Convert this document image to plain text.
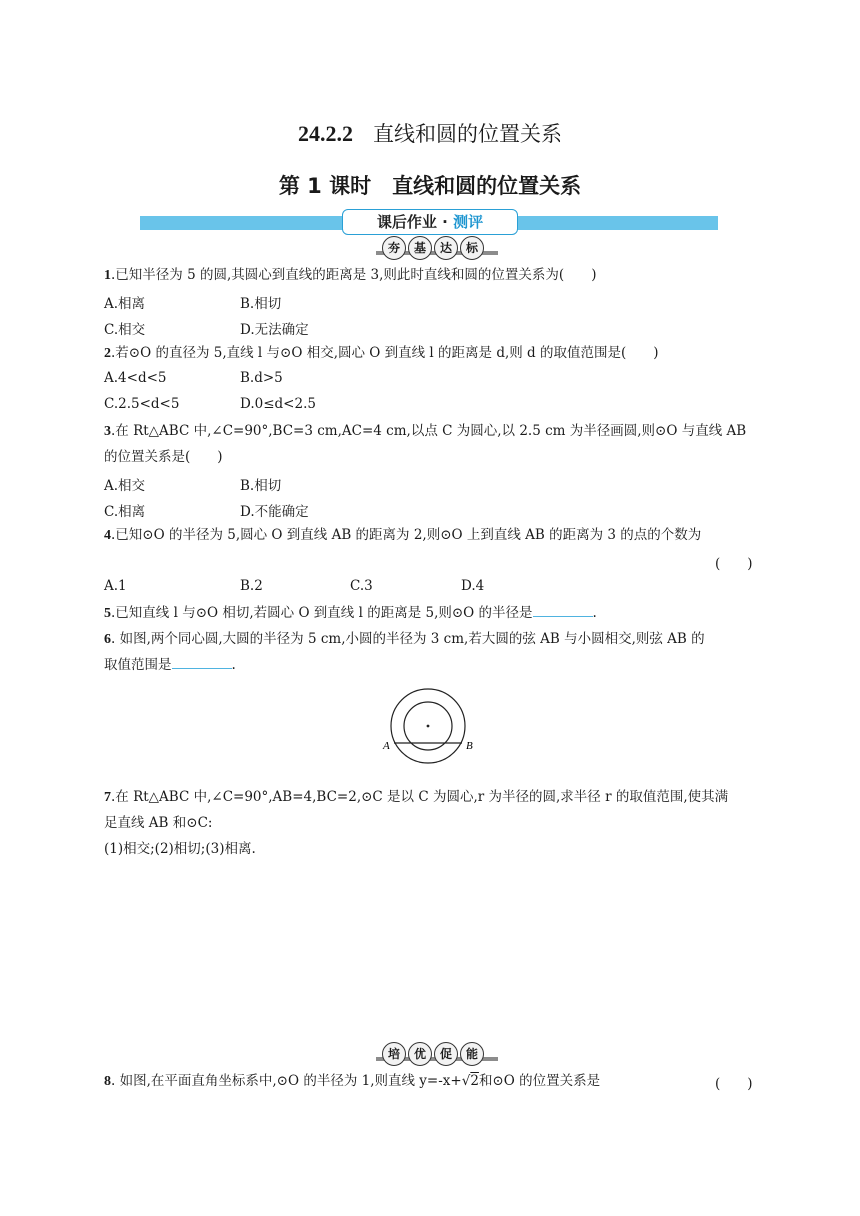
24.2.2 直线和圆的位置关系
第 1 课时　直线和圆的位置关系
课后作业 · 测评
夯	基	达	标
1.已知半径为 5 的圆,其圆心到直线的距离是 3,则此时直线和圆的位置关系为(　　)
A.相离	B.相切
C.相交	D.无法确定
2.若⊙O 的直径为 5,直线 l 与⊙O 相交,圆心 O 到直线 l 的距离是 d,则 d 的取值范围是(　　)
A.4<d<5	B.d>5
C.2.5<d<5	D.0≤d<2.5
3.在 Rt△ABC 中,∠C=90°,BC=3 cm,AC=4 cm,以点 C 为圆心,以 2.5 cm 为半径画圆,则⊙O 与直线 AB
的位置关系是(　　)
A.相交	B.相切
C.相离	D.不能确定
4.已知⊙O 的半径为 5,圆心 O 到直线 AB 的距离为 2,则⊙O 上到直线 AB 的距离为 3 的点的个数为
(　　)
A.1	B.2	C.3	D.4
5.已知直线 l 与⊙O 相切,若圆心 O 到直线 l 的距离是 5,则⊙O 的半径是	.
6. 如图,两个同心圆,大圆的半径为 5 cm,小圆的半径为 3 cm,若大圆的弦 AB 与小圆相交,则弦 AB 的
取值范围是	.
A	B
7.在 Rt△ABC 中,∠C=90°,AB=4,BC=2,⊙C 是以 C 为圆心,r 为半径的圆,求半径 r 的取值范围,使其满
足直线 AB 和⊙C:
(1)相交;(2)相切;(3)相离.
培	优	促	能
8. 如图,在平面直角坐标系中,⊙O 的半径为 1,则直线 y=-x+√2和⊙O 的位置关系是	(　　)
